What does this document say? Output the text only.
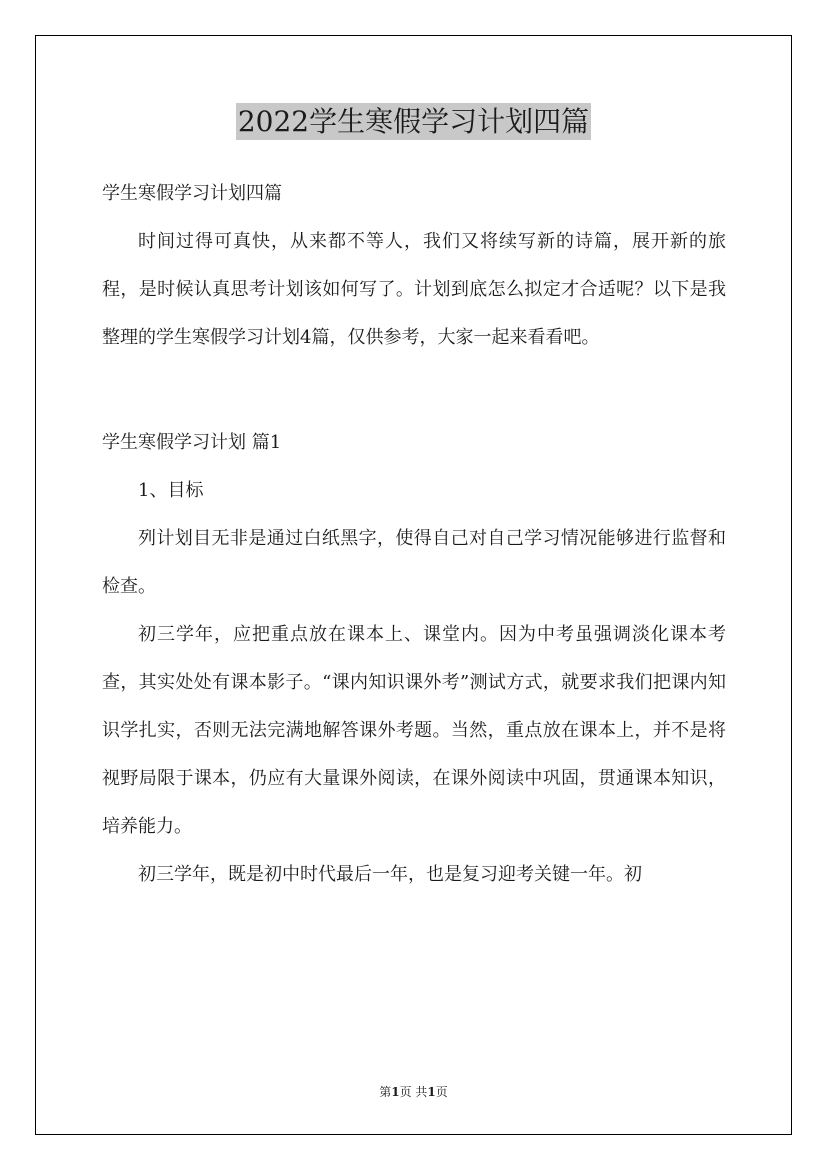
2022学生寒假学习计划四篇

学生寒假学习计划四篇

时间过得可真快，从来都不等人，我们又将续写新的诗篇，展开新的旅程，是时候认真思考计划该如何写了。计划到底怎么拟定才合适呢？以下是我整理的学生寒假学习计划4篇，仅供参考，大家一起来看看吧。

学生寒假学习计划 篇1

1、目标

列计划目无非是通过白纸黑字，使得自己对自己学习情况能够进行监督和检查。

初三学年，应把重点放在课本上、课堂内。因为中考虽强调淡化课本考查，其实处处有课本影子。“课内知识课外考”测试方式，就要求我们把课内知识学扎实，否则无法完满地解答课外考题。当然，重点放在课本上，并不是将视野局限于课本，仍应有大量课外阅读，在课外阅读中巩固，贯通课本知识，培养能力。

初三学年，既是初中时代最后一年，也是复习迎考关键一年。初

第1页 共1页
